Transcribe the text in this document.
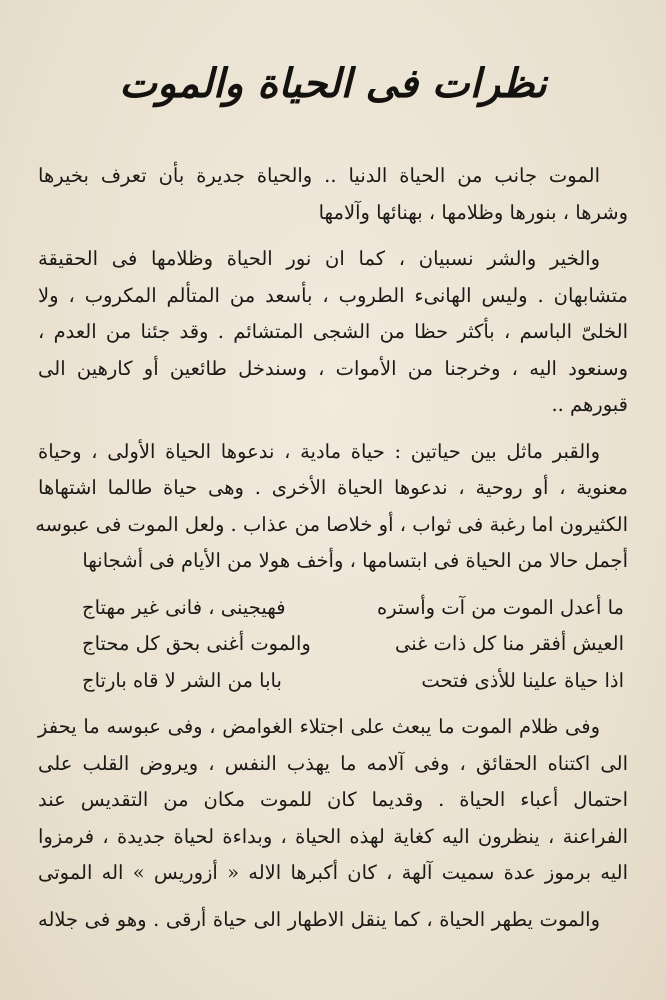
نظرات فى الحياة والموت

الموت جانب من الحياة الدنيا .. والحياة جديرة بأن تعرف بخيرها
وشرها ، بنورها وظلامها ، بهنائها وآلامها

والخير والشر نسبيان ، كما ان نور الحياة وظلامها فى الحقيقة
متشابهان . وليس الهانىء الطروب ، بأسعد من المتألم المكروب ، ولا
الخلىّ الباسم ، بأكثر حظا من الشجى المتشائم . وقد جئنا من العدم ،
وسنعود اليه ، وخرجنا من الأموات ، وسندخل طائعين أو كارهين الى
قبورهم ..

والقبر ماثل بين حياتين : حياة مادية ، ندعوها الحياة الأولى ، وحياة
معنوية ، أو روحية ، ندعوها الحياة الأخرى . وهى حياة طالما اشتهاها
الكثيرون اما رغبة فى ثواب ، أو خلاصا من عذاب . ولعل الموت فى عبوسه
أجمل حالا من الحياة فى ابتسامها ، وأخف هولا من الأيام فى أشجانها

ما أعدل الموت من آت وأستره
فهيجينى ، فانى غير مهتاج
العيش أفقر منا كل ذات غنى
والموت أغنى بحق كل محتاج
اذا حياة علينا للأذى فتحت
بابا من الشر لا قاه بارتاج

وفى ظلام الموت ما يبعث على اجتلاء الغوامض ، وفى عبوسه ما يحفز
الى اكتناه الحقائق ، وفى آلامه ما يهذب النفس ، ويروض القلب على
احتمال أعباء الحياة . وقديما كان للموت مكان من التقديس عند
الفراعنة ، ينظرون اليه كغاية لهذه الحياة ، وبداءة لحياة جديدة ، فرمزوا
اليه برموز عدة سميت آلهة ، كان أكبرها الاله « أزوريس » اله الموتى

والموت يطهر الحياة ، كما ينقل الاطهار الى حياة أرقى . وهو فى جلاله
